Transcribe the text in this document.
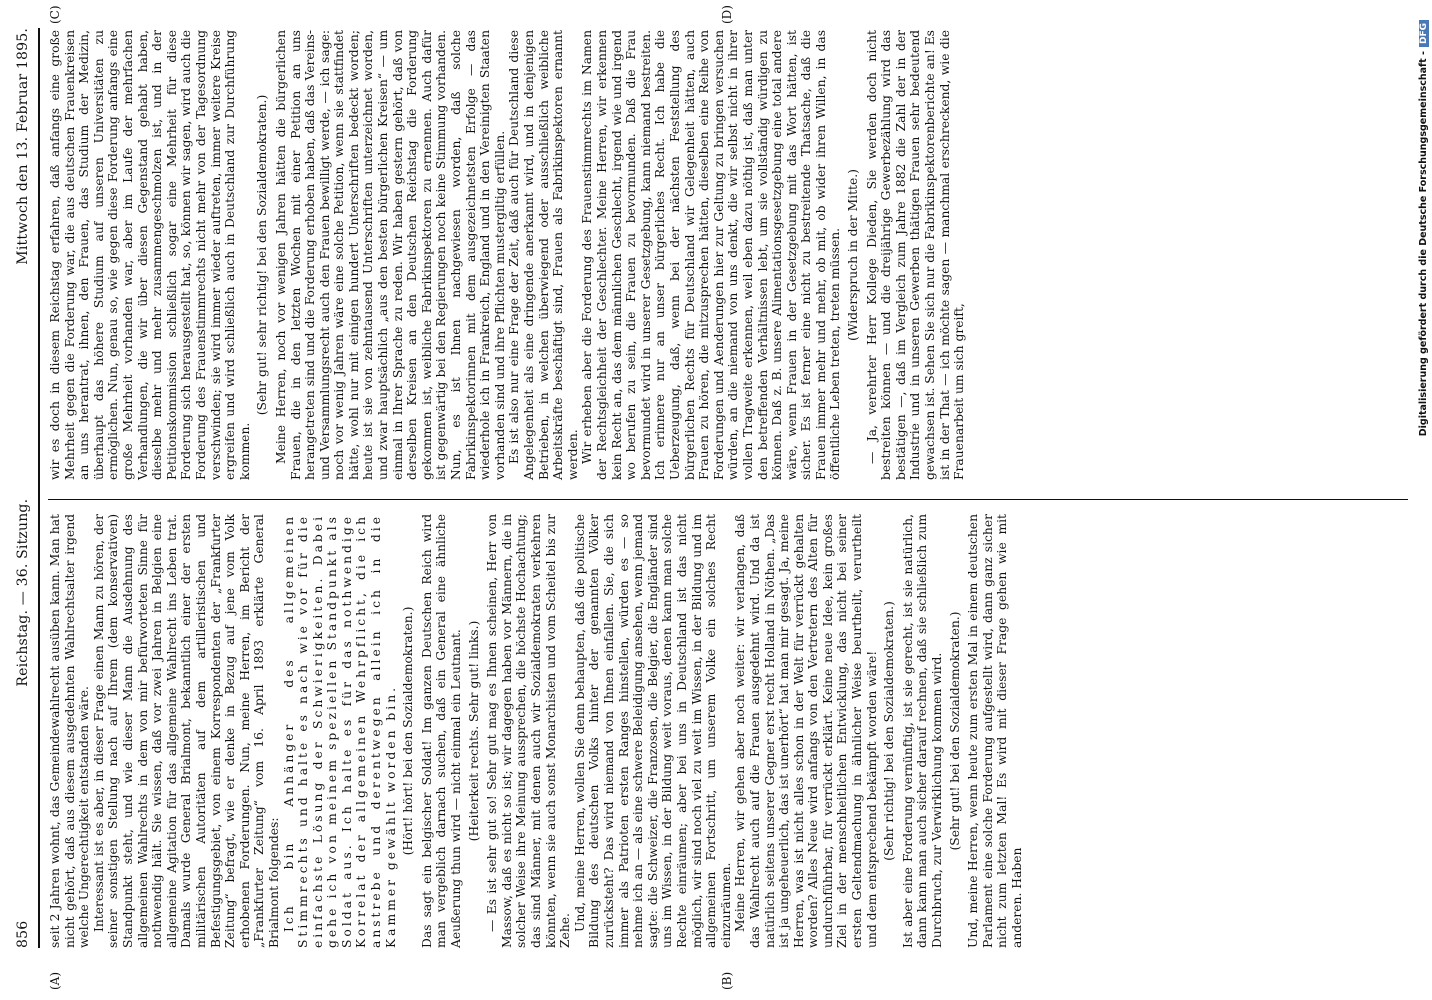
856
Reichstag. — 36. Sitzung.
Mittwoch den 13. Februar 1895.
(A)	(B)
(C)	(D)

seit 2 Jahren wohnt, das Gemeindewahlrecht ausüben kann. Man hat nicht gehört, daß aus diesem ausgedehnten Wahlrechtsalter irgend welche Ungerechtigkeit entstanden wäre. Interessant ist es aber, in dieser Frage einen Mann zu hören, der seiner sonstigen Stellung nach auf Ihrem (dem konservativen) Standpunkt steht, und wie dieser Mann die Ausdehnung des allgemeinen Wahlrechts in dem von mir befürworteten Sinne für nothwendig hält. Sie wissen, daß vor zwei Jahren in Belgien eine allgemeine Agitation für das allgemeine Wahlrecht ins Leben trat. Damals wurde General Brialmont, bekanntlich einer der ersten militärischen Autoritäten auf dem artilleristischen und Befestigungsgebiet, von einem Korrespondenten der „Frankfurter Zeitung“ befragt, wie er denke in Bezug auf jene vom Volk erhobenen Forderungen. Nun, meine Herren, im Bericht der „Frankfurter Zeitung“ vom 16. April 1893 erklärte General Brialmont folgendes: Ich bin Anhänger des allgemeinen Stimmrechts und halte es nach wie vor für die einfachste Lösung der Schwierigkeiten. Dabei gehe ich von meinem speziellen Standpunkt als Soldat aus. Ich halte es für das nothwendige Korrelat der allgemeinen Wehrpflicht, die ich anstrebe und derentwegen allein ich in die Kammer gewählt worden bin. (Hört! hört! bei den Sozialdemokraten.) Das sagt ein belgischer Soldat! Im ganzen Deutschen Reich wird man vergeblich darnach suchen, daß ein General eine ähnliche Aeußerung thun wird — nicht einmal ein Leutnant. (Heiterkeit rechts. Sehr gut! links.) — Es ist sehr gut so! Sehr gut mag es Ihnen scheinen, Herr von Massow, daß es nicht so ist; wir dagegen haben vor Männern, die in solcher Weise ihre Meinung aussprechen, die höchste Hochachtung; das sind Männer, mit denen auch wir Sozialdemokraten verkehren könnten, wenn sie auch sonst Monarchisten und vom Scheitel bis zur Zehe. Und, meine Herren, wollen Sie denn behaupten, daß die politische Bildung des deutschen Volks hinter der genannten Völker zurücksteht? Das wird niemand von Ihnen einfallen. Sie, die sich immer als Patrioten ersten Ranges hinstellen, würden es — so nehme ich an — als eine schwere Beleidigung ansehen, wenn jemand sagte: die Schweizer, die Franzosen, die Belgier, die Engländer sind uns im Wissen, in der Bildung weit voraus, denen kann man solche Rechte einräumen; aber bei uns in Deutschland ist das nicht möglich, wir sind noch viel zu weit im Wissen, in der Bildung und im allgemeinen Fortschritt, um unserem Volke ein solches Recht einzuräumen. Meine Herren, wir gehen aber noch weiter: wir verlangen, daß das Wahlrecht auch auf die Frauen ausgedehnt wird. Und da ist natürlich seitens unserer Gegner erst recht Holland in Nöthen. „Das ist ja ungeheuerlich, das ist unerhört“ hat man mir gesagt. Ja, meine Herren, was ist nicht alles schon in der Welt für verrückt gehalten worden? Alles Neue wird anfangs von den Vertretern des Alten für undurchführbar, für verrückt erklärt. Keine neue Idee, kein großes Ziel in der menschheitlichen Entwicklung, das nicht bei seiner ersten Geltendmachung in ähnlicher Weise beurtheilt, verurtheilt und dem entsprechend bekämpft worden wäre! (Sehr richtig! bei den Sozialdemokraten.) Ist aber eine Forderung vernünftig, ist sie gerecht, ist sie natürlich, dann kann man auch sicher darauf rechnen, daß sie schließlich zum Durchbruch, zur Verwirklichung kommen wird. (Sehr gut! bei den Sozialdemokraten.) Und, meine Herren, wenn heute zum ersten Mal in einem deutschen Parlament eine solche Forderung aufgestellt wird, dann ganz sicher nicht zum letzten Mal! Es wird mit dieser Frage gehen wie mit anderen. Haben

wir es doch in diesem Reichstag erfahren, daß anfangs eine große Mehrheit gegen die Forderung war, die aus deutschen Frauenkreisen an uns herantrat, ihnen, den Frauen, das Studium der Medizin, überhaupt das höhere Studium auf unseren Universitäten zu ermöglichen. Nun, genau so, wie gegen diese Forderung anfangs eine große Mehrheit vorhanden war, aber im Laufe der mehrfachen Verhandlungen, die wir über diesen Gegenstand gehabt haben, dieselbe mehr und mehr zusammengeschmolzen ist, und in der Petitionskommission schließlich sogar eine Mehrheit für diese Forderung sich herausgestellt hat, so, können wir sagen, wird auch die Forderung des Frauenstimmrechts nicht mehr von der Tagesordnung verschwinden; sie wird immer wieder auftreten, immer weitere Kreise ergreifen und wird schließlich auch in Deutschland zur Durchführung kommen.

(Sehr gut! sehr richtig! bei den Sozialdemokraten.) Meine Herren, noch vor wenigen Jahren hätten die bürgerlichen Frauen, die in den letzten Wochen mit einer Petition an uns herangetreten sind und die Forderung erhoben haben, daß das Vereins- und Versammlungsrecht auch den Frauen bewilligt werde, — ich sage: noch vor wenig Jahren wäre eine solche Petition, wenn sie stattfindet hätte, wohl nur mit einigen hundert Unterschriften bedeckt worden; heute ist sie von zehntausend Unterschriften unterzeichnet worden, und zwar hauptsächlich „aus den besten bürgerlichen Kreisen“ — um einmal in Ihrer Sprache zu reden. Wir haben gestern gehört, daß von derselben Kreisen an den Deutschen Reichstag die Forderung gekommen ist, weibliche Fabrikinspektoren zu ernennen. Auch dafür ist gegenwärtig bei den Regierungen noch keine Stimmung vorhanden. Nun, es ist Ihnen nachgewiesen worden, daß solche Fabrikinspektorinnen mit dem ausgezeichnetsten Erfolge — das wiederhole ich in Frankreich, England und in den Vereinigten Staaten vorhanden sind und ihre Pflichten mustergiltig erfüllen. Es ist also nur eine Frage der Zeit, daß auch für Deutschland diese Angelegenheit als eine dringende anerkannt wird, und in denjenigen Betrieben, in welchen überwiegend oder ausschließlich weibliche Arbeitskräfte beschäftigt sind, Frauen als Fabrikinspektoren ernannt werden. Wir erheben aber die Forderung des Frauenstimmrechts im Namen der Rechtsgleichheit der Geschlechter. Meine Herren, wir erkennen kein Recht an, das dem männlichen Geschlecht, irgend wie und irgend wo berufen zu sein, die Frauen zu bevormunden. Daß die Frau bevormundet wird in unserer Gesetzgebung, kann niemand bestreiten. Ich erinnere nur an unser bürgerliches Recht. Ich habe die Ueberzeugung, daß, wenn bei der nächsten Feststellung des bürgerlichen Rechts für Deutschland wir Gelegenheit hätten, auch Frauen zu hören, die mitzusprechen hätten, dieselben eine Reihe von Forderungen und Aenderungen hier zur Geltung zu bringen versuchen würden, an die niemand von uns denkt, die wir selbst nicht in ihrer vollen Tragweite erkennen, weil eben dazu nöthig ist, daß man unter den betreffenden Verhältnissen lebt, um sie vollständig würdigen zu können. Daß z. B. unsere Alimentationsgesetzgebung eine total andere wäre, wenn Frauen in der Gesetzgebung mit das Wort hätten, ist sicher. Es ist ferner eine nicht zu bestreitende Thatsache, daß die Frauen immer mehr und mehr, ob mit, ob wider ihren Willen, in das öffentliche Leben treten, treten müssen. (Widerspruch in der Mitte.) — Ja, verehrter Herr Kollege Dieden, Sie werden doch nicht bestreiten können — und die dreijährige Gewerbezählung wird das bestätigen —, daß im Vergleich zum Jahre 1882 die Zahl der in der Industrie und in unseren Gewerben thätigen Frauen sehr bedeutend gewachsen ist. Sehen Sie sich nur die Fabrikinspektorenberichte an! Es ist in der That — ich möchte sagen — manchmal erschreckend, wie die Frauenarbeit um sich greift,	Digitalisierung gefördert durch die Deutsche Forschungsgemeinschaft -DFG
